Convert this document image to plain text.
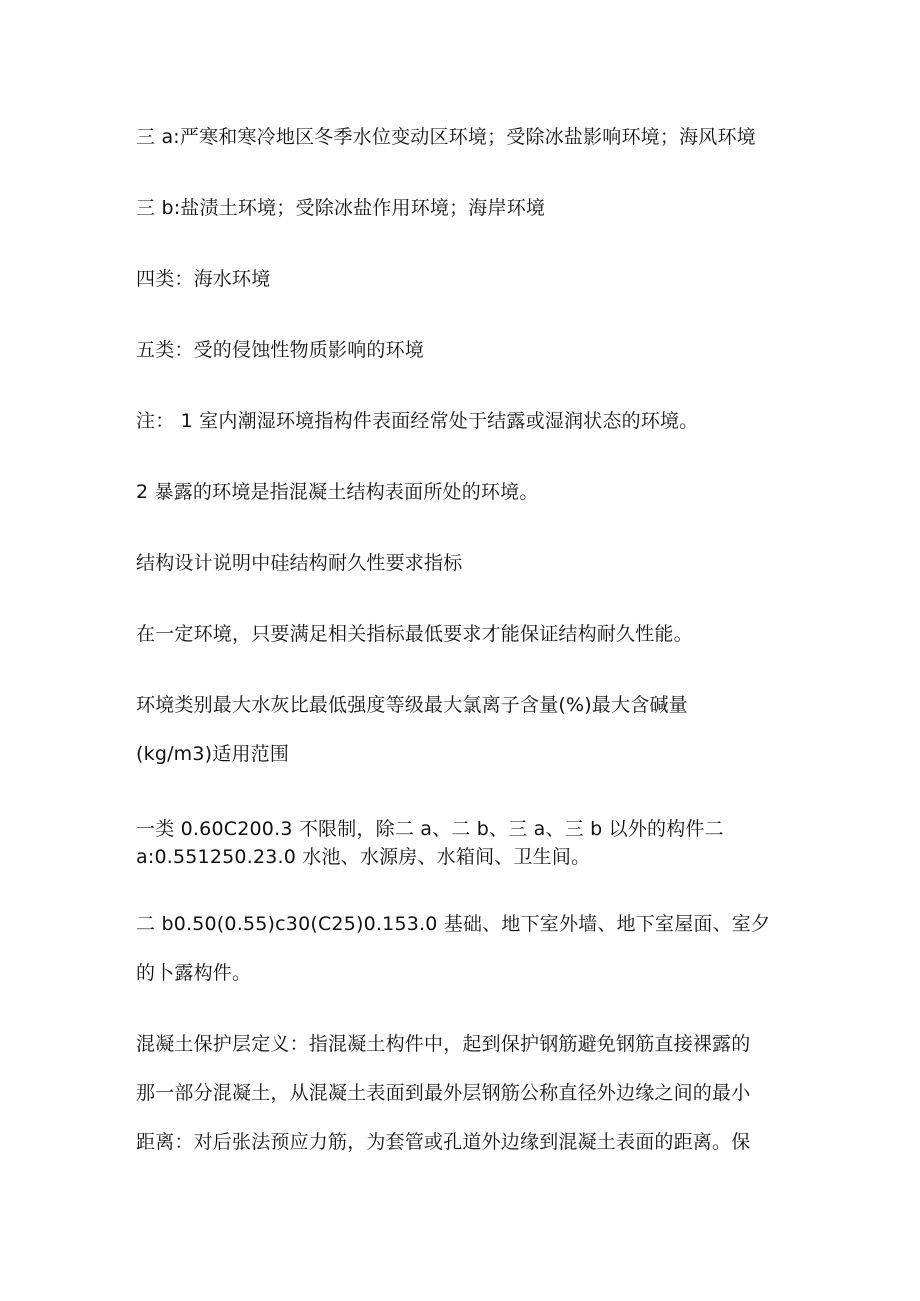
三 a:严寒和寒冷地区冬季水位变动区环境；受除冰盐影响环境；海风环境
三 b:盐渍土环境；受除冰盐作用环境；海岸环境
四类：海水环境
五类：受的侵蚀性物质影响的环境
注： 1 室内潮湿环境指构件表面经常处于结露或湿润状态的环境。
2 暴露的环境是指混凝土结构表面所处的环境。
结构设计说明中硅结构耐久性要求指标
在一定环境，只要满足相关指标最低要求才能保证结构耐久性能。
环境类别最大水灰比最低强度等级最大氯离子含量(%)最大含碱量
(kg∕m3)适用范围
一类 0.60C200.3 不限制，除二 a、二 b、三 a、三 b 以外的构件二
a:0.551250.23.0 水池、水源房、水箱间、卫生间。
二 b0.50(0.55)c30(C25)0.153.0 基础、地下室外墙、地下室屋面、室夕
的卜露构件。
混凝土保护层定义：指混凝土构件中，起到保护钢筋避免钢筋直接裸露的
那一部分混凝土，从混凝土表面到最外层钢筋公称直径外边缘之间的最小
距离：对后张法预应力筋，为套管或孔道外边缘到混凝土表面的距离。保
